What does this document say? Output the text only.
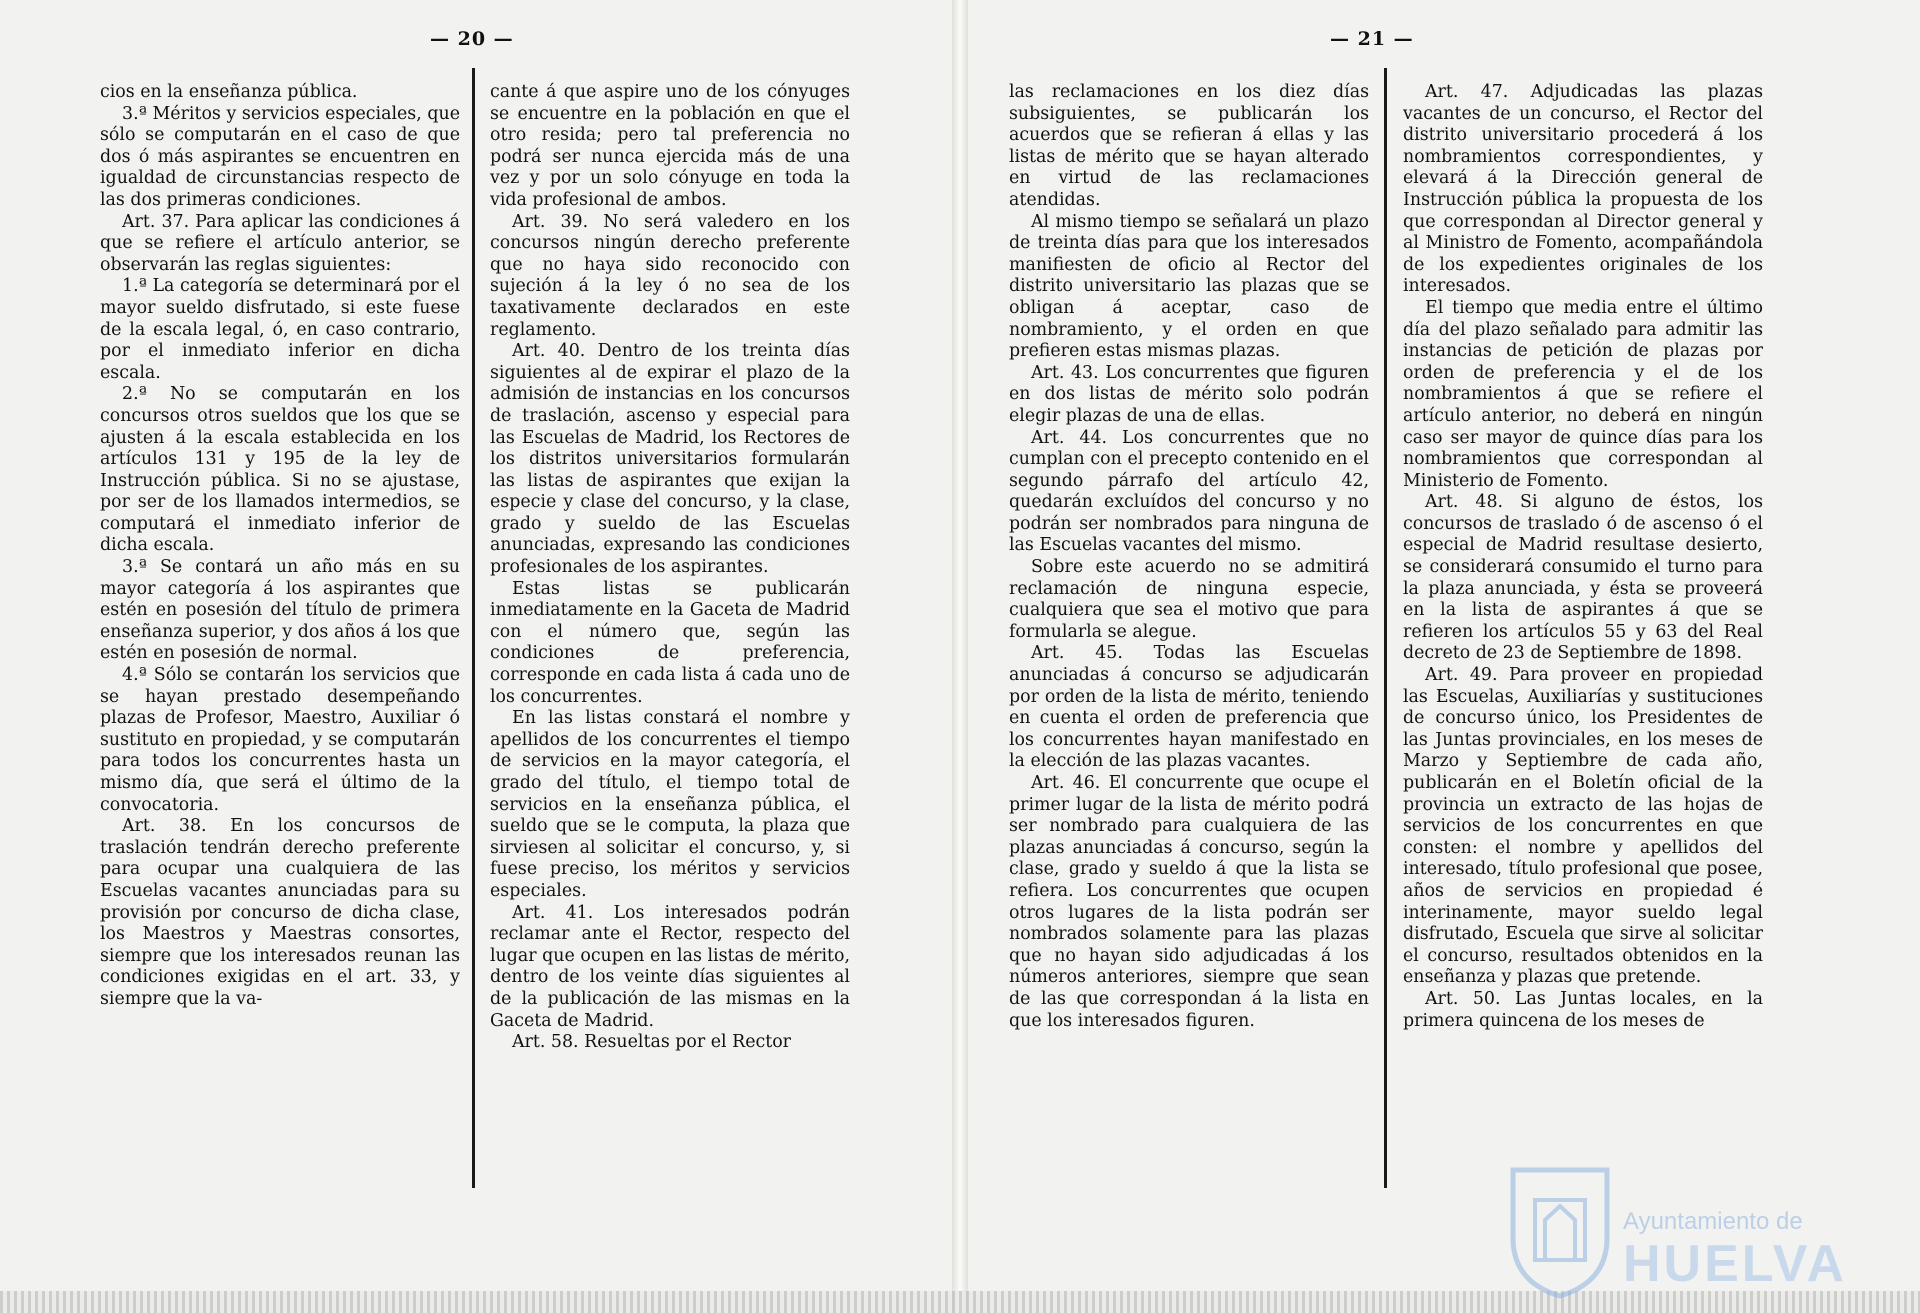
— 20 —

cios en la enseñanza pública.

3.ª Méritos y servicios especiales, que sólo se computarán en el caso de que dos ó más aspirantes se encuentren en igualdad de circunstancias respecto de las dos primeras condiciones.

Art. 37. Para aplicar las condiciones á que se refiere el artículo anterior, se observarán las reglas siguientes:

1.ª La categoría se determinará por el mayor sueldo disfrutado, si este fuese de la escala legal, ó, en caso contrario, por el inmediato inferior en dicha escala.

2.ª No se computarán en los concursos otros sueldos que los que se ajusten á la escala establecida en los artículos 131 y 195 de la ley de Instrucción pública. Si no se ajustase, por ser de los llamados intermedios, se computará el inmediato inferior de dicha escala.

3.ª Se contará un año más en su mayor categoría á los aspirantes que estén en posesión del título de primera enseñanza superior, y dos años á los que estén en posesión de normal.

4.ª Sólo se contarán los servicios que se hayan prestado desempeñando plazas de Profesor, Maestro, Auxiliar ó sustituto en propiedad, y se computarán para todos los concurrentes hasta un mismo día, que será el último de la convocatoria.

Art. 38. En los concursos de traslación tendrán derecho preferente para ocupar una cualquiera de las Escuelas vacantes anunciadas para su provisión por concurso de dicha clase, los Maestros y Maestras consortes, siempre que los interesados reunan las condiciones exigidas en el art. 33, y siempre que la va-

cante á que aspire uno de los cónyuges se encuentre en la población en que el otro resida; pero tal preferencia no podrá ser nunca ejercida más de una vez y por un solo cónyuge en toda la vida profesional de ambos.

Art. 39. No será valedero en los concursos ningún derecho preferente que no haya sido reconocido con sujeción á la ley ó no sea de los taxativamente declarados en este reglamento.

Art. 40. Dentro de los treinta días siguientes al de expirar el plazo de la admisión de instancias en los concursos de traslación, ascenso y especial para las Escuelas de Madrid, los Rectores de los distritos universitarios formularán las listas de aspirantes que exijan la especie y clase del concurso, y la clase, grado y sueldo de las Escuelas anunciadas, expresando las condiciones profesionales de los aspirantes.

Estas listas se publicarán inmediatamente en la Gaceta de Madrid con el número que, según las condiciones de preferencia, corresponde en cada lista á cada uno de los concurrentes.

En las listas constará el nombre y apellidos de los concurrentes el tiempo de servicios en la mayor categoría, el grado del título, el tiempo total de servicios en la enseñanza pública, el sueldo que se le computa, la plaza que sirviesen al solicitar el concurso, y, si fuese preciso, los méritos y servicios especiales.

Art. 41. Los interesados podrán reclamar ante el Rector, respecto del lugar que ocupen en las listas de mérito, dentro de los veinte días siguientes al de la publicación de las mismas en la Gaceta de Madrid.

Art. 58. Resueltas por el Rector

— 21 —

las reclamaciones en los diez días subsiguientes, se publicarán los acuerdos que se refieran á ellas y las listas de mérito que se hayan alterado en virtud de las reclamaciones atendidas.

Al mismo tiempo se señalará un plazo de treinta días para que los interesados manifiesten de oficio al Rector del distrito universitario las plazas que se obligan á aceptar, caso de nombramiento, y el orden en que prefieren estas mismas plazas.

Art. 43. Los concurrentes que figuren en dos listas de mérito solo podrán elegir plazas de una de ellas.

Art. 44. Los concurrentes que no cumplan con el precepto contenido en el segundo párrafo del artículo 42, quedarán excluídos del concurso y no podrán ser nombrados para ninguna de las Escuelas vacantes del mismo.

Sobre este acuerdo no se admitirá reclamación de ninguna especie, cualquiera que sea el motivo que para formularla se alegue.

Art. 45. Todas las Escuelas anunciadas á concurso se adjudicarán por orden de la lista de mérito, teniendo en cuenta el orden de preferencia que los concurrentes hayan manifestado en la elección de las plazas vacantes.

Art. 46. El concurrente que ocupe el primer lugar de la lista de mérito podrá ser nombrado para cualquiera de las plazas anunciadas á concurso, según la clase, grado y sueldo á que la lista se refiera. Los concurrentes que ocupen otros lugares de la lista podrán ser nombrados solamente para las plazas que no hayan sido adjudicadas á los números anteriores, siempre que sean de las que correspondan á la lista en que los interesados figuren.

Art. 47. Adjudicadas las plazas vacantes de un concurso, el Rector del distrito universitario procederá á los nombramientos correspondientes, y elevará á la Dirección general de Instrucción pública la propuesta de los que correspondan al Director general y al Ministro de Fomento, acompañándola de los expedientes originales de los interesados.

El tiempo que media entre el último día del plazo señalado para admitir las instancias de petición de plazas por orden de preferencia y el de los nombramientos á que se refiere el artículo anterior, no deberá en ningún caso ser mayor de quince días para los nombramientos que correspondan al Ministerio de Fomento.

Art. 48. Si alguno de éstos, los concursos de traslado ó de ascenso ó el especial de Madrid resultase desierto, se considerará consumido el turno para la plaza anunciada, y ésta se proveerá en la lista de aspirantes á que se refieren los artículos 55 y 63 del Real decreto de 23 de Septiembre de 1898.

Art. 49. Para proveer en propiedad las Escuelas, Auxiliarías y sustituciones de concurso único, los Presidentes de las Juntas provinciales, en los meses de Marzo y Septiembre de cada año, publicarán en el Boletín oficial de la provincia un extracto de las hojas de servicios de los concurrentes en que consten: el nombre y apellidos del interesado, título profesional que posee, años de servicios en propiedad é interinamente, mayor sueldo legal disfrutado, Escuela que sirve al solicitar el concurso, resultados obtenidos en la enseñanza y plazas que pretende.

Art. 50. Las Juntas locales, en la primera quincena de los meses de

Ayuntamiento de
HUELVA
